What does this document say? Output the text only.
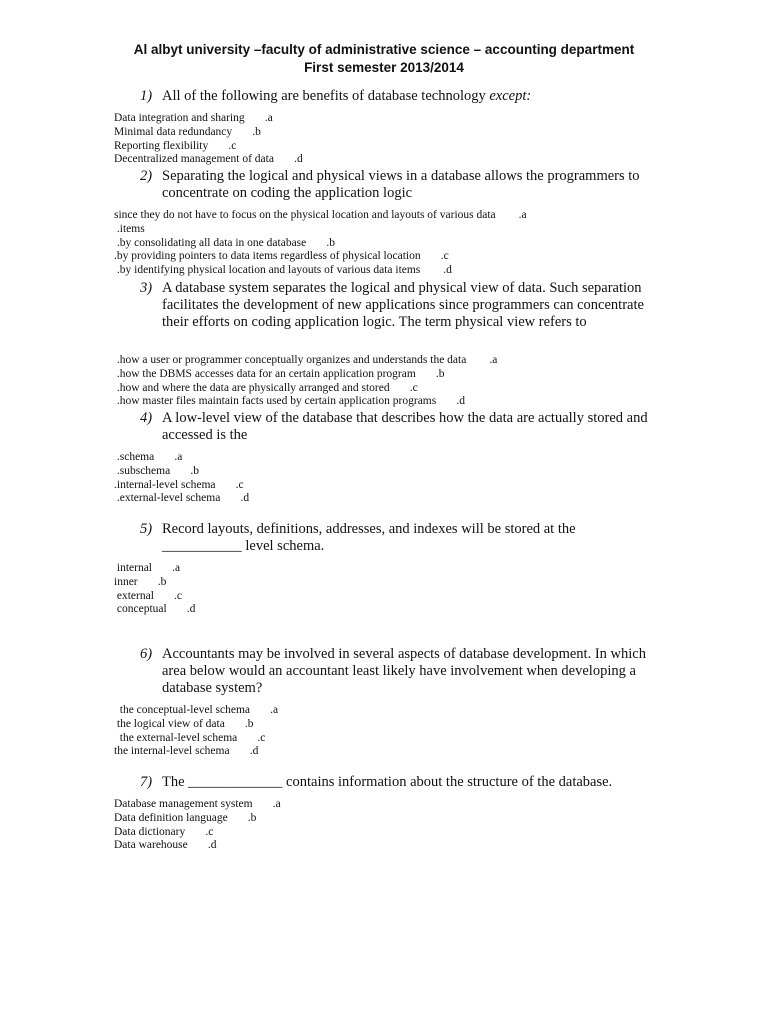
Al albyt university –faculty of administrative science – accounting department
First semester 2013/2014
1) All of the following are benefits of database technology except:
Data integration and sharing       .a
Minimal data redundancy       .b
Reporting flexibility       .c
Decentralized management of data       .d
2) Separating the logical and physical views in a database allows the programmers to concentrate on coding the application logic
since they do not have to focus on the physical location and layouts of various data        .a
.items
.by consolidating all data in one database       .b
.by providing pointers to data items regardless of physical location       .c
.by identifying physical location and layouts of various data items        .d
3) A database system separates the logical and physical view of data. Such separation facilitates the development of new applications since programmers can concentrate their efforts on coding application logic. The term physical view refers to
.how a user or programmer conceptually organizes and understands the data        .a
.how the DBMS accesses data for an certain application program       .b
.how and where the data are physically arranged and stored       .c
.how master files maintain facts used by certain application programs       .d
4) A low-level view of the database that describes how the data are actually stored and accessed is the
.schema       .a
.subschema       .b
.internal-level schema       .c
.external-level schema       .d
5) Record layouts, definitions, addresses, and indexes will be stored at the ___________ level schema.
internal       .a
inner       .b
external       .c
conceptual       .d
6) Accountants may be involved in several aspects of database development. In which area below would an accountant least likely have involvement when developing a database system?
the conceptual-level schema       .a
the logical view of data       .b
the external-level schema       .c
the internal-level schema       .d
7) The _____________ contains information about the structure of the database.
Database management system       .a
Data definition language       .b
Data dictionary       .c
Data warehouse       .d
